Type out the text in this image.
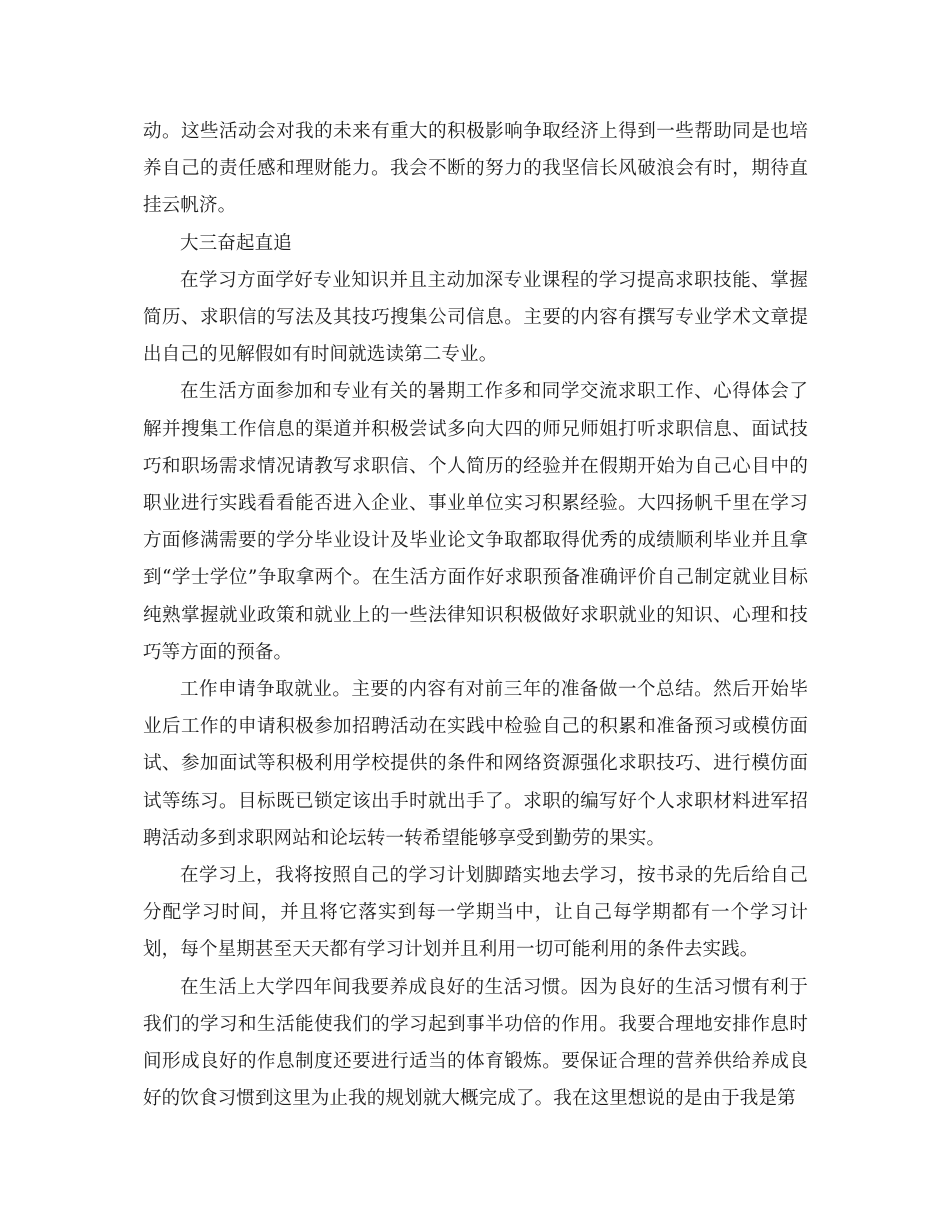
动。这些活动会对我的未来有重大的积极影响争取经济上得到一些帮助同是也培养自己的责任感和理财能力。我会不断的努力的我坚信长风破浪会有时，期待直挂云帆济。

大三奋起直追

在学习方面学好专业知识并且主动加深专业课程的学习提高求职技能、掌握简历、求职信的写法及其技巧搜集公司信息。主要的内容有撰写专业学术文章提出自己的见解假如有时间就选读第二专业。

在生活方面参加和专业有关的暑期工作多和同学交流求职工作、心得体会了解并搜集工作信息的渠道并积极尝试多向大四的师兄师姐打听求职信息、面试技巧和职场需求情况请教写求职信、个人简历的经验并在假期开始为自己心目中的职业进行实践看看能否进入企业、事业单位实习积累经验。大四扬帆千里在学习方面修满需要的学分毕业设计及毕业论文争取都取得优秀的成绩顺利毕业并且拿到“学士学位”争取拿两个。在生活方面作好求职预备准确评价自己制定就业目标纯熟掌握就业政策和就业上的一些法律知识积极做好求职就业的知识、心理和技巧等方面的预备。

工作申请争取就业。主要的内容有对前三年的准备做一个总结。然后开始毕业后工作的申请积极参加招聘活动在实践中检验自己的积累和准备预习或模仿面试、参加面试等积极利用学校提供的条件和网络资源强化求职技巧、进行模仿面试等练习。目标既已锁定该出手时就出手了。求职的编写好个人求职材料进军招聘活动多到求职网站和论坛转一转希望能够享受到勤劳的果实。

在学习上，我将按照自己的学习计划脚踏实地去学习，按书录的先后给自己分配学习时间，并且将它落实到每一学期当中，让自己每学期都有一个学习计划，每个星期甚至天天都有学习计划并且利用一切可能利用的条件去实践。

在生活上大学四年间我要养成良好的生活习惯。因为良好的生活习惯有利于我们的学习和生活能使我们的学习起到事半功倍的作用。我要合理地安排作息时间形成良好的作息制度还要进行适当的体育锻炼。要保证合理的营养供给养成良好的饮食习惯到这里为止我的规划就大概完成了。我在这里想说的是由于我是第
